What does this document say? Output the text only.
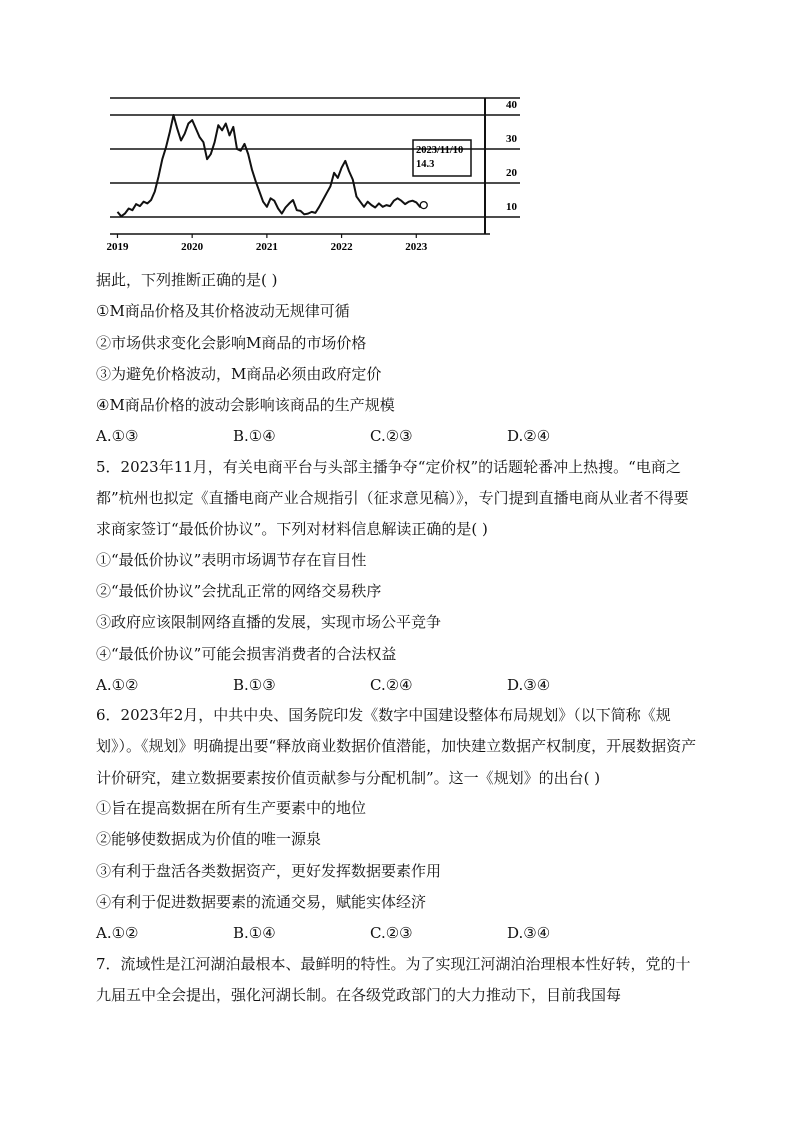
40
30
20
10
2019	2020	2021	2022	2023
2023/11/10
14.3
据此，下列推断正确的是( )
①M商品价格及其价格波动无规律可循
②市场供求变化会影响M商品的市场价格
③为避免价格波动，M商品必须由政府定价
④M商品价格的波动会影响该商品的生产规模
A.①③	B.①④	C.②③	D.②④
5．2023年11月，有关电商平台与头部主播争夺“定价权”的话题轮番冲上热搜。“电商之都”杭州也拟定《直播电商产业合规指引（征求意见稿）》，专门提到直播电商从业者不得要求商家签订“最低价协议”。下列对材料信息解读正确的是( )
①“最低价协议”表明市场调节存在盲目性
②“最低价协议”会扰乱正常的网络交易秩序
③政府应该限制网络直播的发展，实现市场公平竞争
④“最低价协议”可能会损害消费者的合法权益
A.①②	B.①③	C.②④	D.③④
6．2023年2月，中共中央、国务院印发《数字中国建设整体布局规划》（以下简称《规划》）。《规划》明确提出要“释放商业数据价值潜能，加快建立数据产权制度，开展数据资产计价研究，建立数据要素按价值贡献参与分配机制”。这一《规划》的出台( )
①旨在提高数据在所有生产要素中的地位
②能够使数据成为价值的唯一源泉
③有利于盘活各类数据资产，更好发挥数据要素作用
④有利于促进数据要素的流通交易，赋能实体经济
A.①②	B.①④	C.②③	D.③④
7．流域性是江河湖泊最根本、最鲜明的特性。为了实现江河湖泊治理根本性好转，党的十九届五中全会提出，强化河湖长制。在各级党政部门的大力推动下，目前我国每
